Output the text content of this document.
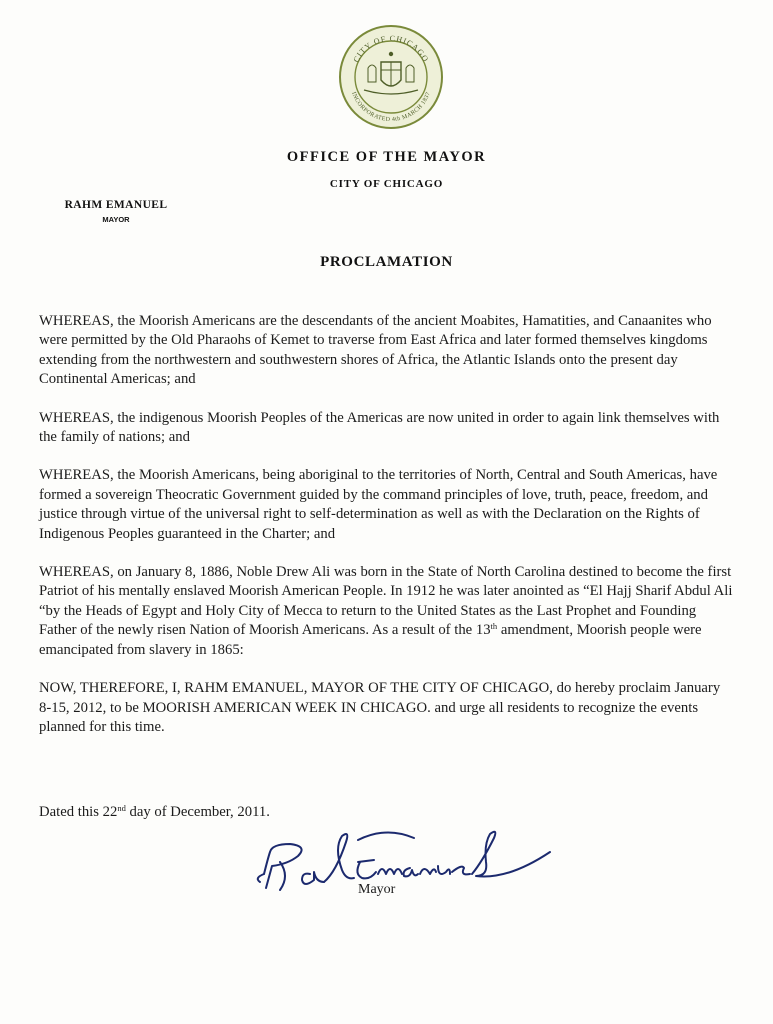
CITY OF CHICAGO
INCORPORATED 4th MARCH 1837
OFFICE OF THE MAYOR
CITY OF CHICAGO
RAHM EMANUEL
MAYOR
PROCLAMATION

WHEREAS, the Moorish Americans are the descendants of the ancient Moabites, Hamatities, and Canaanites who were permitted by the Old Pharaohs of Kemet to traverse from East Africa and later formed themselves kingdoms extending from the northwestern and southwestern shores of Africa, the Atlantic Islands onto the present day Continental Americas; and

WHEREAS, the indigenous Moorish Peoples of the Americas are now united in order to again link themselves with the family of nations; and

WHEREAS, the Moorish Americans, being aboriginal to the territories of North, Central and South Americas, have formed a sovereign Theocratic Government guided by the command principles of love, truth, peace, freedom, and justice through virtue of the universal right to self-determination as well as with the Declaration on the Rights of Indigenous Peoples guaranteed in the Charter; and

WHEREAS, on January 8, 1886, Noble Drew Ali was born in the State of North Carolina destined to become the first Patriot of his mentally enslaved Moorish American People. In 1912 he was later anointed as “El Hajj Sharif Abdul Ali “by the Heads of Egypt and Holy City of Mecca to return to the United States as the Last Prophet and Founding Father of the newly risen Nation of Moorish Americans. As a result of the 13th amendment, Moorish people were emancipated from slavery in 1865:

NOW, THEREFORE, I, RAHM EMANUEL, MAYOR OF THE CITY OF CHICAGO, do hereby proclaim January 8-15, 2012, to be MOORISH AMERICAN WEEK IN CHICAGO. and urge all residents to recognize the events planned for this time.

Dated this 22nd day of December, 2011.
Mayor
